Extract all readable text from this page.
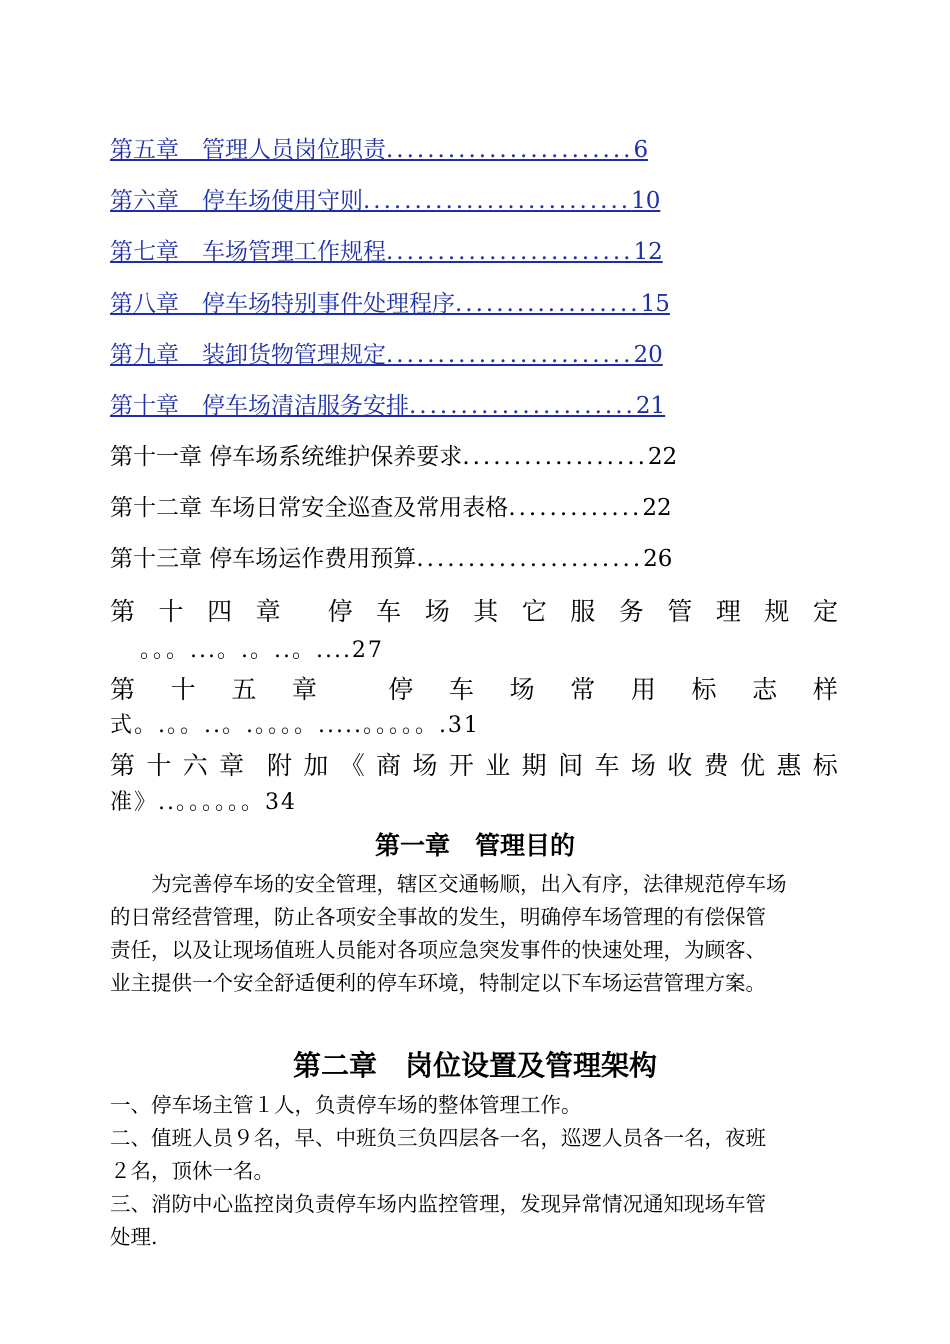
第五章　 管理人员岗位职责........................6
第六章　 停车场使用守则..........................10
第七章　 车场管理工作规程........................12
第八章　 停车场特别事件处理程序..................15
第九章　 装卸货物管理规定........................20
第十章　 停车场清洁服务安排......................21
第十一章 停车场系统维护保养要求..................22
第十二章 车场日常安全巡查及常用表格.............22
第十三章 停车场运作费用预算......................26
第 十 四 章 停 车 场 其 它 服 务 管 理 规 定
。。。...。.。..。....27
第 十 五 章	停 车 场 常 用 标 志 样
式。.。。..。.。。。。.....。。。。。.31
第 十 六 章 附 加 《 商 场 开 业 期 间 车 场 收 费 优 惠 标
准》..。。。。。。34
第一章　管理目的
　　为完善停车场的安全管理，辖区交通畅顺，出入有序，法律规范停车场
的日常经营管理，防止各项安全事故的发生，明确停车场管理的有偿保管
责任，以及让现场值班人员能对各项应急突发事件的快速处理，为顾客、
业主提供一个安全舒适便利的停车环境，特制定以下车场运营管理方案。
第二章　岗位设置及管理架构
一、停车场主管１人，负责停车场的整体管理工作。
二、值班人员９名，早、中班负三负四层各一名，巡逻人员各一名，夜班
２名，顶休一名。
三、消防中心监控岗负责停车场内监控管理，发现异常情况通知现场车管
处理.
